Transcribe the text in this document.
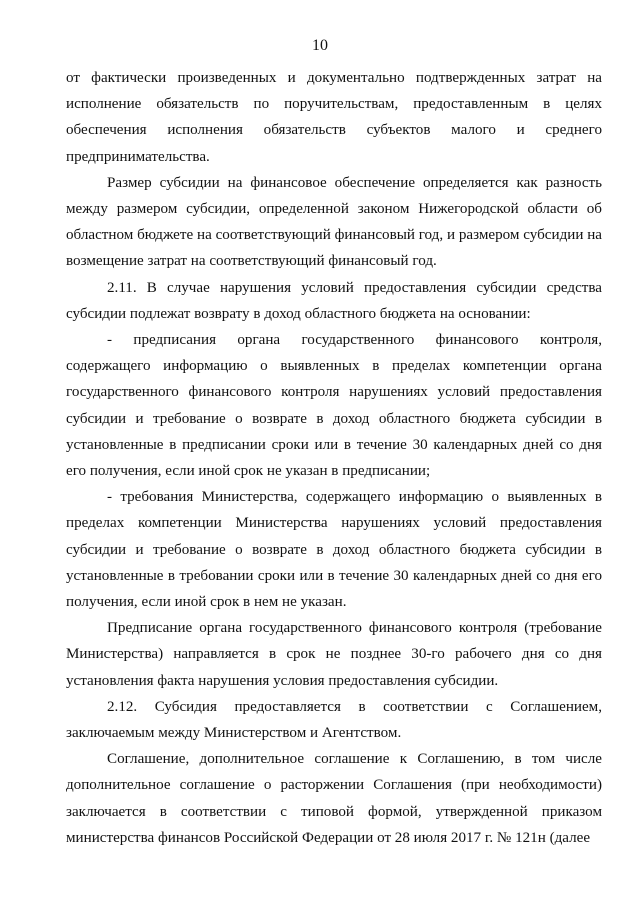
10

от фактически произведенных и документально подтвержденных затрат на исполнение обязательств по поручительствам, предоставленным в целях обеспечения исполнения обязательств субъектов малого и среднего предпринимательства.

Размер субсидии на финансовое обеспечение определяется как разность между размером субсидии, определенной законом Нижегородской области об областном бюджете на соответствующий финансовый год, и размером субсидии на возмещение затрат на соответствующий финансовый год.

2.11. В случае нарушения условий предоставления субсидии средства субсидии подлежат возврату в доход областного бюджета на основании:

- предписания органа государственного финансового контроля, содержащего информацию о выявленных в пределах компетенции органа государственного финансового контроля нарушениях условий предоставления субсидии и требование о возврате в доход областного бюджета субсидии в установленные в предписании сроки или в течение 30 календарных дней со дня его получения, если иной срок не указан в предписании;

- требования Министерства, содержащего информацию о выявленных в пределах компетенции Министерства нарушениях условий предоставления субсидии и требование о возврате в доход областного бюджета субсидии в установленные в требовании сроки или в течение 30 календарных дней со дня его получения, если иной срок в нем не указан.

Предписание органа государственного финансового контроля (требование Министерства) направляется в срок не позднее 30-го рабочего дня со дня установления факта нарушения условия предоставления субсидии.

2.12. Субсидия предоставляется в соответствии с Соглашением, заключаемым между Министерством и Агентством.

Соглашение, дополнительное соглашение к Соглашению, в том числе дополнительное соглашение о расторжении Соглашения (при необходимости) заключается в соответствии с типовой формой, утвержденной приказом министерства финансов Российской Федерации от 28 июля 2017 г. № 121н (далее
